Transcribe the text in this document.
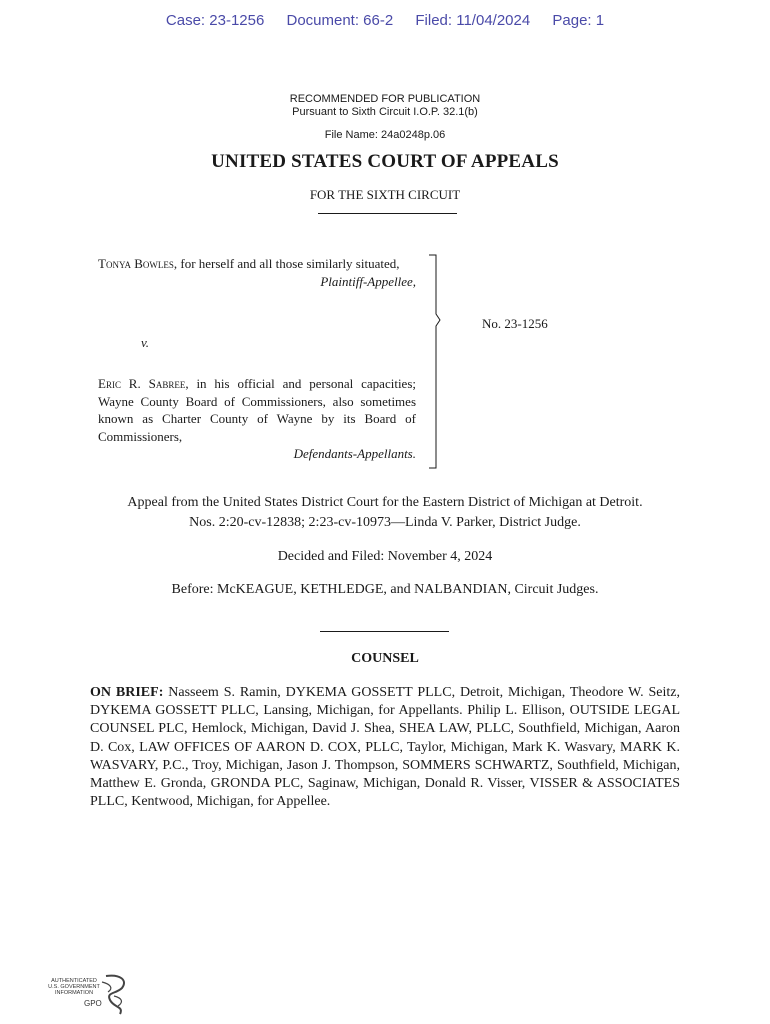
Case: 23-1256 Document: 66-2 Filed: 11/04/2024 Page: 1
RECOMMENDED FOR PUBLICATION
Pursuant to Sixth Circuit I.O.P. 32.1(b)
File Name: 24a0248p.06
UNITED STATES COURT OF APPEALS
FOR THE SIXTH CIRCUIT
Tonya Bowles, for herself and all those similarly situated,
Plaintiff-Appellee,
v.
Eric R. Sabree, in his official and personal capacities; Wayne County Board of Commissioners, also sometimes known as Charter County of Wayne by its Board of Commissioners,
Defendants-Appellants.
No. 23-1256
Appeal from the United States District Court for the Eastern District of Michigan at Detroit.
Nos. 2:20-cv-12838; 2:23-cv-10973—Linda V. Parker, District Judge.
Decided and Filed: November 4, 2024
Before: McKEAGUE, KETHLEDGE, and NALBANDIAN, Circuit Judges.
COUNSEL
ON BRIEF: Nasseem S. Ramin, DYKEMA GOSSETT PLLC, Detroit, Michigan, Theodore W. Seitz, DYKEMA GOSSETT PLLC, Lansing, Michigan, for Appellants. Philip L. Ellison, OUTSIDE LEGAL COUNSEL PLC, Hemlock, Michigan, David J. Shea, SHEA LAW, PLLC, Southfield, Michigan, Aaron D. Cox, LAW OFFICES OF AARON D. COX, PLLC, Taylor, Michigan, Mark K. Wasvary, MARK K. WASVARY, P.C., Troy, Michigan, Jason J. Thompson, SOMMERS SCHWARTZ, Southfield, Michigan, Matthew E. Gronda, GRONDA PLC, Saginaw, Michigan, Donald R. Visser, VISSER & ASSOCIATES PLLC, Kentwood, Michigan, for Appellee.
AUTHENTICATED
U.S. GOVERNMENT
INFORMATION
GPO
